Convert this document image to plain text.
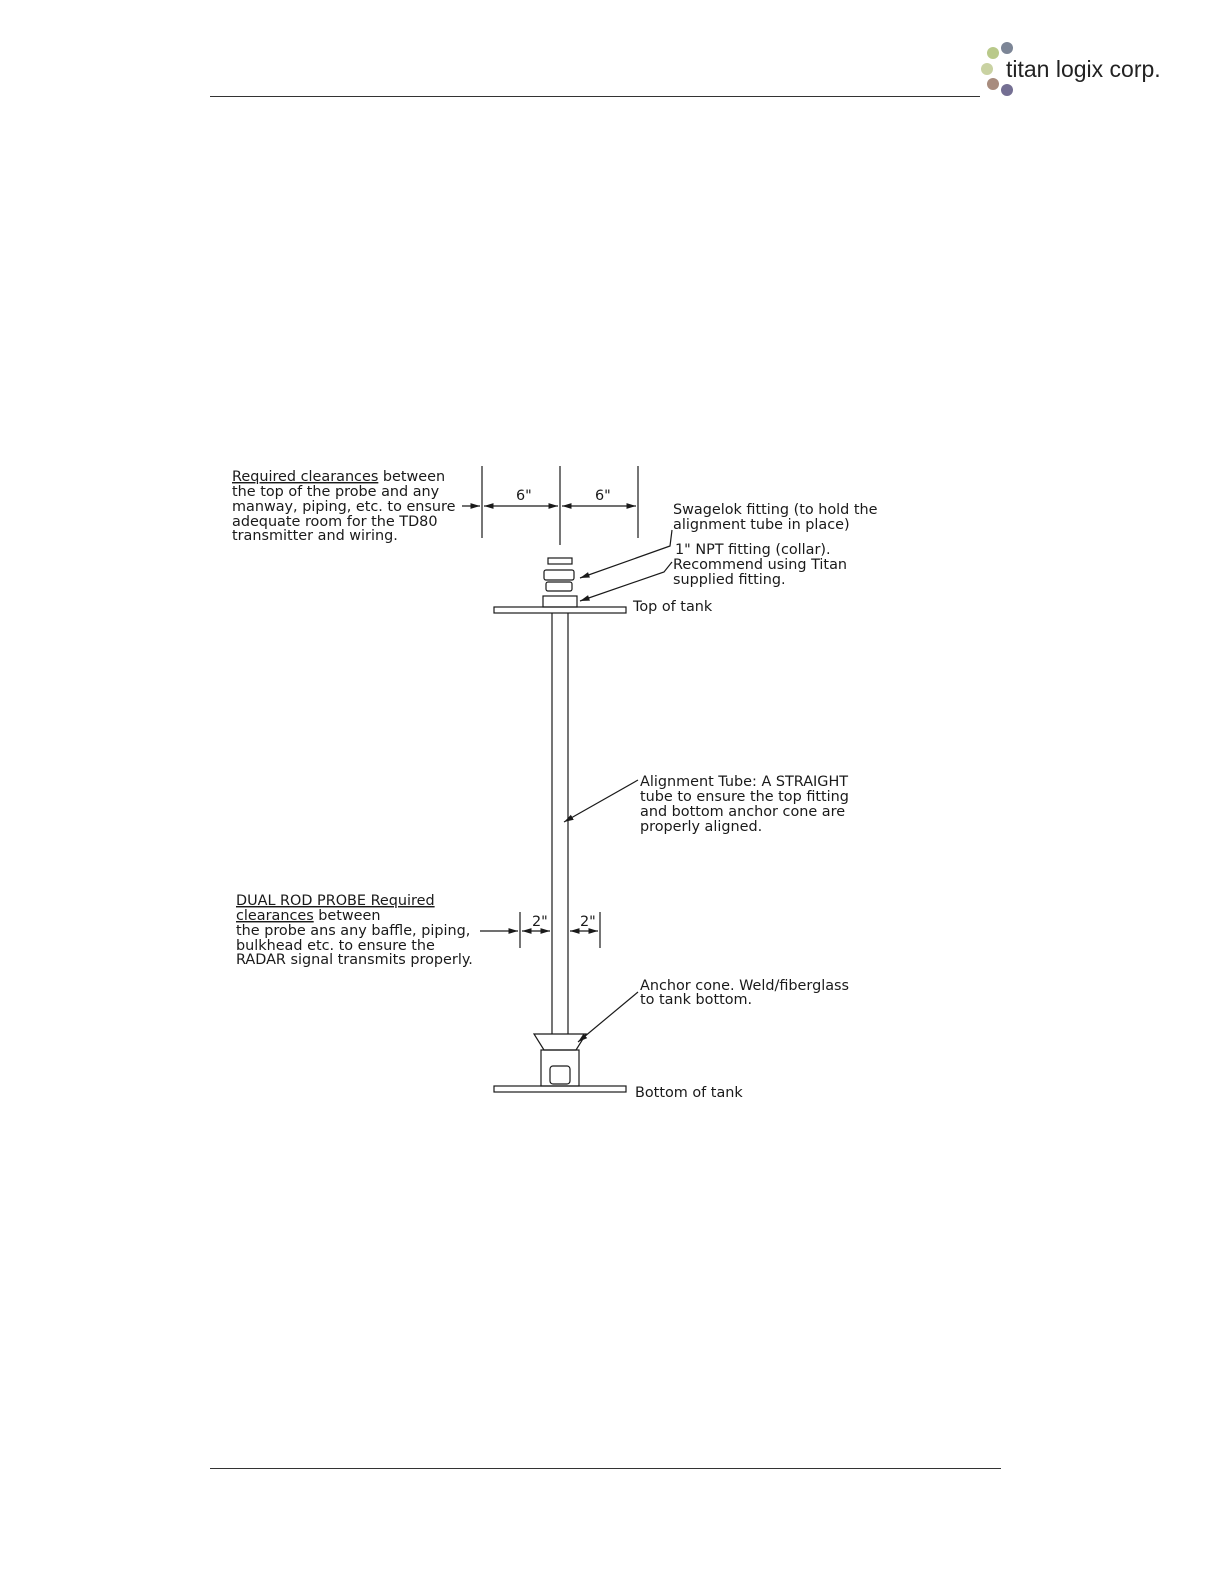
titan logix corp.
Required clearances between the top of the probe and any manway, piping, etc. to ensure adequate room for the TD80 transmitter and wiring.
6"	6"
Swagelok fitting (to hold the alignment tube in place)
1" NPT fitting (collar). Recommend using Titan supplied fitting.
Top of tank
Alignment Tube: A STRAIGHT tube to ensure the top fitting and bottom anchor cone are properly aligned.
DUAL ROD PROBE Required clearances between the probe ans any baffle, piping, bulkhead etc. to ensure the RADAR signal transmits properly.
2" 2"
Anchor cone. Weld/fiberglass to tank bottom.
Bottom of tank
